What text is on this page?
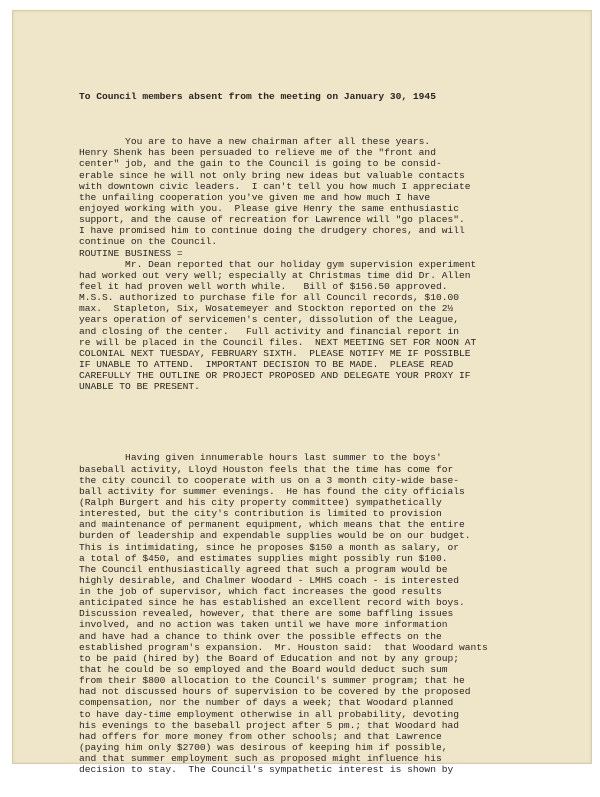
To Council members absent from the meeting on January 30, 1945

You are to have a new chairman after all these years.
Henry Shenk has been persuaded to relieve me of the "front and
center" job, and the gain to the Council is going to be consid-
erable since he will not only bring new ideas but valuable contacts
with downtown civic leaders.  I can't tell you how much I appreciate
the unfailing cooperation you've given me and how much I have
enjoyed working with you.  Please give Henry the same enthusiastic
support, and the cause of recreation for Lawrence will "go places".
I have promised him to continue doing the drudgery chores, and will
continue on the Council.
ROUTINE BUSINESS =
Mr. Dean reported that our holiday gym supervision experiment
had worked out very well; especially at Christmas time did Dr. Allen
feel it had proven well worth while.   Bill of $156.50 approved.
M.S.S. authorized to purchase file for all Council records, $10.00
max.  Stapleton, Six, Wosatemeyer and Stockton reported on the 2½
years operation of servicemen's center, dissolution of the League,
and closing of the center.   Full activity and financial report in
re will be placed in the Council files.  NEXT MEETING SET FOR NOON AT
COLONIAL NEXT TUESDAY, FEBRUARY SIXTH.  PLEASE NOTIFY ME IF POSSIBLE
IF UNABLE TO ATTEND.  IMPORTANT DECISION TO BE MADE.  PLEASE READ
CAREFULLY THE OUTLINE OR PROJECT PROPOSED AND DELEGATE YOUR PROXY IF
UNABLE TO BE PRESENT.

Having given innumerable hours last summer to the boys'
baseball activity, Lloyd Houston feels that the time has come for
the city council to cooperate with us on a 3 month city-wide base-
ball activity for summer evenings.  He has found the city officials
(Ralph Burgert and his city property committee) sympathetically
interested, but the city's contribution is limited to provision
and maintenance of permanent equipment, which means that the entire
burden of leadership and expendable supplies would be on our budget.
This is intimidating, since he proposes $150 a month as salary, or
a total of $450, and estimates supplies might possibly run $100.
The Council enthusiastically agreed that such a program would be
highly desirable, and Chalmer Woodard - LMHS coach - is interested
in the job of supervisor, which fact increases the good results
anticipated since he has established an excellent record with boys.
Discussion revealed, however, that there are some baffling issues
involved, and no action was taken until we have more information
and have had a chance to think over the possible effects on the
established program's expansion.  Mr. Houston said:  that Woodard wants
to be paid (hired by) the Board of Education and not by any group;
that he could be so employed and the Board would deduct such sum
from their $800 allocation to the Council's summer program; that he
had not discussed hours of supervision to be covered by the proposed
compensation, nor the number of days a week; that Woodard planned
to have day-time employment otherwise in all probability, devoting
his evenings to the baseball project after 5 pm.; that Woodard had
had offers for more money from other schools; and that Lawrence
(paying him only $2700) was desirous of keeping him if possible,
and that summer employment such as proposed might influence his
decision to stay.  The Council's sympathetic interest is shown by
